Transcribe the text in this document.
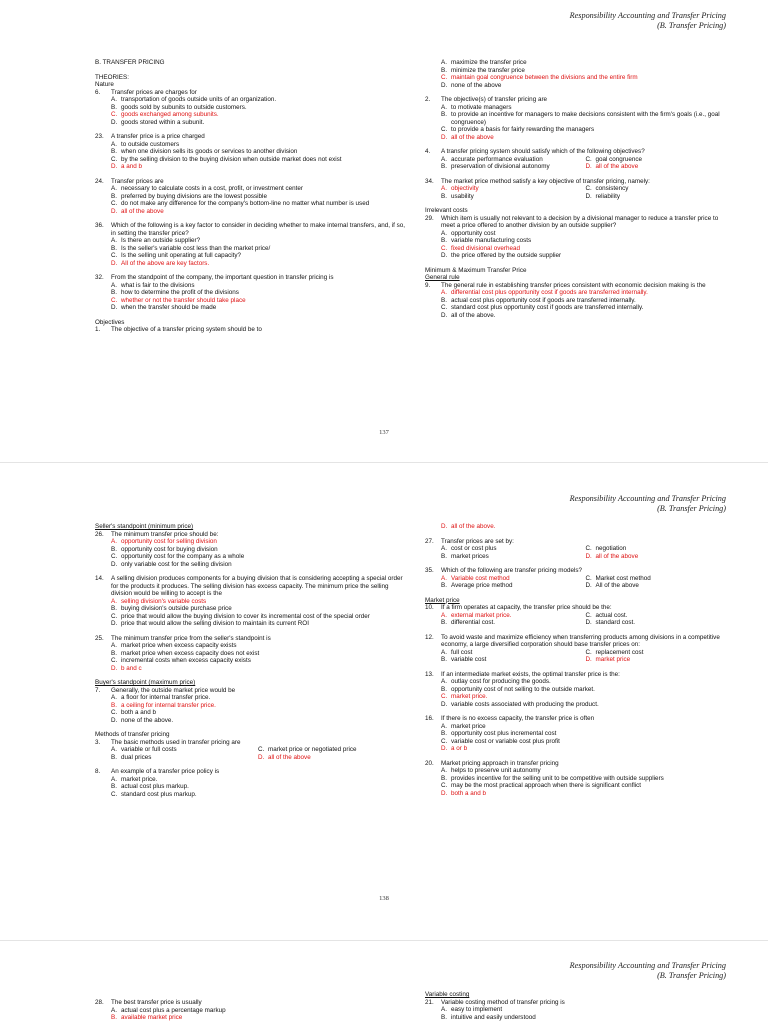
Responsibility Accounting and Transfer Pricing
(B. Transfer Pricing)
B. TRANSFER PRICING
THEORIES:
Nature
6.	Transfer prices are charges for
A. transportation of goods outside units of an organization.
B. goods sold by subunits to outside customers.
C. goods exchanged among subunits.
D. goods stored within a subunit.
23.	A transfer price is a price charged
A. to outside customers
B. when one division sells its goods or services to another division
C. by the selling division to the buying division when outside market does not exist
D. a and b
24.	Transfer prices are
A. necessary to calculate costs in a cost, profit, or investment center
B. preferred by buying divisions are the lowest possible
C. do not make any difference for the company's bottom-line no matter what number is used
D. all of the above
36.	Which of the following is a key factor to consider in deciding whether to make internal transfers, and, if so, in setting the transfer price?
A. Is there an outside supplier?
B. Is the seller's variable cost less than the market price/
C. Is the selling unit operating at full capacity?
D. All of the above are key factors.
32.	From the standpoint of the company, the important question in transfer pricing is
A. what is fair to the divisions
B. how to determine the profit of the divisions
C. whether or not the transfer should take place
D. when the transfer should be made
Objectives
1.	The objective of a transfer pricing system should be to
A. maximize the transfer price
B. minimize the transfer price
C. maintain goal congruence between the divisions and the entire firm
D. none of the above
2.	The objective(s) of transfer pricing are
A. to motivate managers
B. to provide an incentive for managers to make decisions consistent with the firm's goals (i.e., goal congruence)
C. to provide a basis for fairly rewarding the managers
D. all of the above
4.	A transfer pricing system should satisfy which of the following objectives?
A. accurate performance evaluation	C. goal congruence
B. preservation of divisional autonomy	D. all of the above
34.	The market price method satisfy a key objective of transfer pricing, namely:
A. objectivity	C. consistency
B. usability	D. reliability
Irrelevant costs
29.	Which item is usually not relevant to a decision by a divisional manager to reduce a transfer price to meet a price offered to another division by an outside supplier?
A. opportunity cost
B. variable manufacturing costs
C. fixed divisional overhead
D. the price offered by the outside supplier
Minimum & Maximum Transfer Price
General rule
9.	The general rule in establishing transfer prices consistent with economic decision making is the
A. differential cost plus opportunity cost if goods are transferred internally.
B. actual cost plus opportunity cost if goods are transferred internally.
C. standard cost plus opportunity cost if goods are transferred internally.
D. all of the above.
137
Responsibility Accounting and Transfer Pricing
(B. Transfer Pricing)
Seller's standpoint (minimum price)
26.	The minimum transfer price should be:
A. opportunity cost for selling division
B. opportunity cost for buying division
C. opportunity cost for the company as a whole
D. only variable cost for the selling division
14.	A selling division produces components for a buying division that is considering accepting a special order for the products it produces. The selling division has excess capacity. The minimum price the selling division would be willing to accept is the
A. selling division's variable costs
B. buying division's outside purchase price
C. price that would allow the buying division to cover its incremental cost of the special order
D. price that would allow the selling division to maintain its current ROI
25.	The minimum transfer price from the seller's standpoint is
A. market price when excess capacity exists
B. market price when excess capacity does not exist
C. incremental costs when excess capacity exists
D. b and c
Buyer's standpoint (maximum price)
7.	Generally, the outside market price would be
A. a floor for internal transfer price.
B. a ceiling for internal transfer price.
C. both a and b
D. none of the above.
Methods of transfer pricing
3.	The basic methods used in transfer pricing are
A. variable or full costs	C. market price or negotiated price
B. dual prices	D. all of the above
8.	An example of a transfer price policy is
A. market price.
B. actual cost plus markup.
C. standard cost plus markup.
D. all of the above.
27.	Transfer prices are set by:
A. cost or cost plus	C. negotiation
B. market prices	D. all of the above
35.	Which of the following are transfer pricing models?
A. Variable cost method	C. Market cost method
B. Average price method	D. All of the above
Market price
10.	If a firm operates at capacity, the transfer price should be the:
A. external market price.	C. actual cost.
B. differential cost.	D. standard cost.
12.	To avoid waste and maximize efficiency when transferring products among divisions in a competitive economy, a large diversified corporation should base transfer prices on:
A. full cost	C. replacement cost
B. variable cost	D. market price
13.	If an intermediate market exists, the optimal transfer price is the:
A. outlay cost for producing the goods.
B. opportunity cost of not selling to the outside market.
C. market price.
D. variable costs associated with producing the product.
16.	If there is no excess capacity, the transfer price is often
A. market price
B. opportunity cost plus incremental cost
C. variable cost or variable cost plus profit
D. a or b
20.	Market pricing approach in transfer pricing
A. helps to preserve unit autonomy
B. provides incentive for the selling unit to be competitive with outside suppliers
C. may be the most practical approach when there is significant conflict
D. both a and b
138
Responsibility Accounting and Transfer Pricing
(B. Transfer Pricing)
28.	The best transfer price is usually
A. actual cost plus a percentage markup
B. available market price
Variable costing
21.	Variable costing method of transfer pricing is
A. easy to implement
B. intuitive and easily understood
